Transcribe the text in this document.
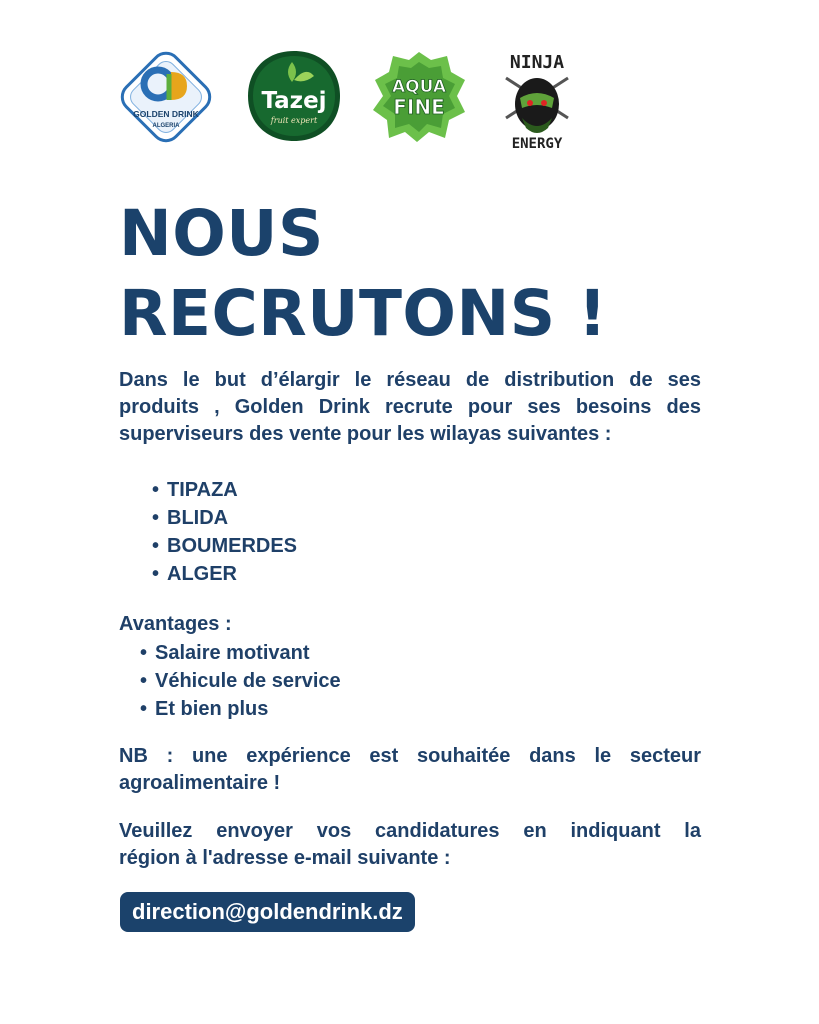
GOLDEN DRINK
ALGERIA
Tazej
fruit expert
AQUA
FINE
NINJA
ENERGY
NOUS
RECRUTONS !
Dans le but d’élargir le réseau de distribution de ses
produits , Golden Drink recrute pour ses besoins des
superviseurs des vente pour les wilayas suivantes :
• TIPAZA
• BLIDA
• BOUMERDES
• ALGER
Avantages :
• Salaire motivant
• Véhicule de service
• Et bien plus
NB : une expérience est souhaitée dans le secteur
agroalimentaire !
Veuillez envoyer vos candidatures en indiquant la
région à l'adresse e-mail suivante :
direction@goldendrink.dz
